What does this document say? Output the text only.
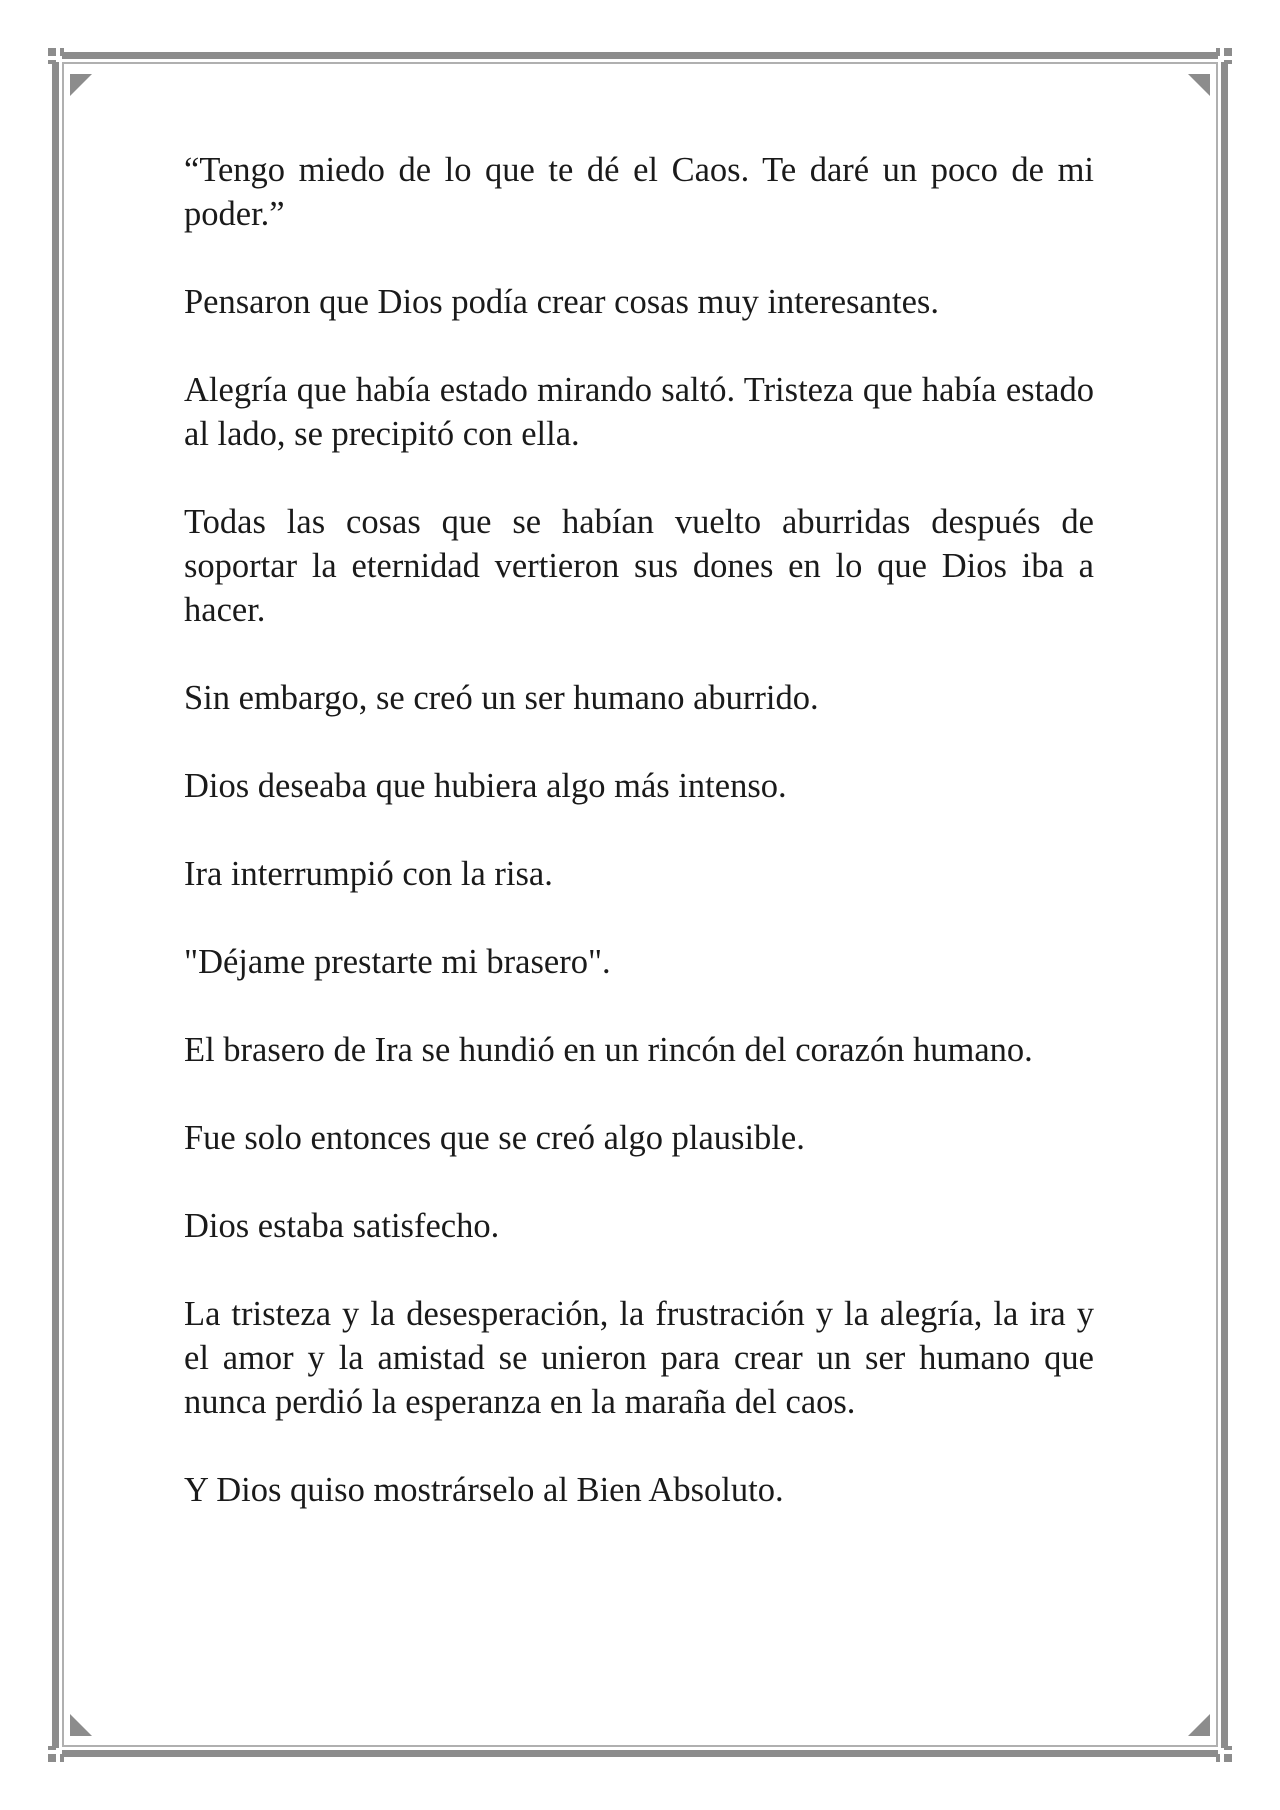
“Tengo miedo de lo que te dé el Caos. Te daré un poco de mi poder.”

Pensaron que Dios podía crear cosas muy interesantes.

Alegría que había estado mirando saltó. Tristeza que había estado al lado, se precipitó con ella.

Todas las cosas que se habían vuelto aburridas después de soportar la eternidad vertieron sus dones en lo que Dios iba a hacer.

Sin embargo, se creó un ser humano aburrido.

Dios deseaba que hubiera algo más intenso.

Ira interrumpió con la risa.

"Déjame prestarte mi brasero".

El brasero de Ira se hundió en un rincón del corazón humano.

Fue solo entonces que se creó algo plausible.

Dios estaba satisfecho.

La tristeza y la desesperación, la frustración y la alegría, la ira y el amor y la amistad se unieron para crear un ser humano que nunca perdió la esperanza en la maraña del caos.

Y Dios quiso mostrárselo al Bien Absoluto.
